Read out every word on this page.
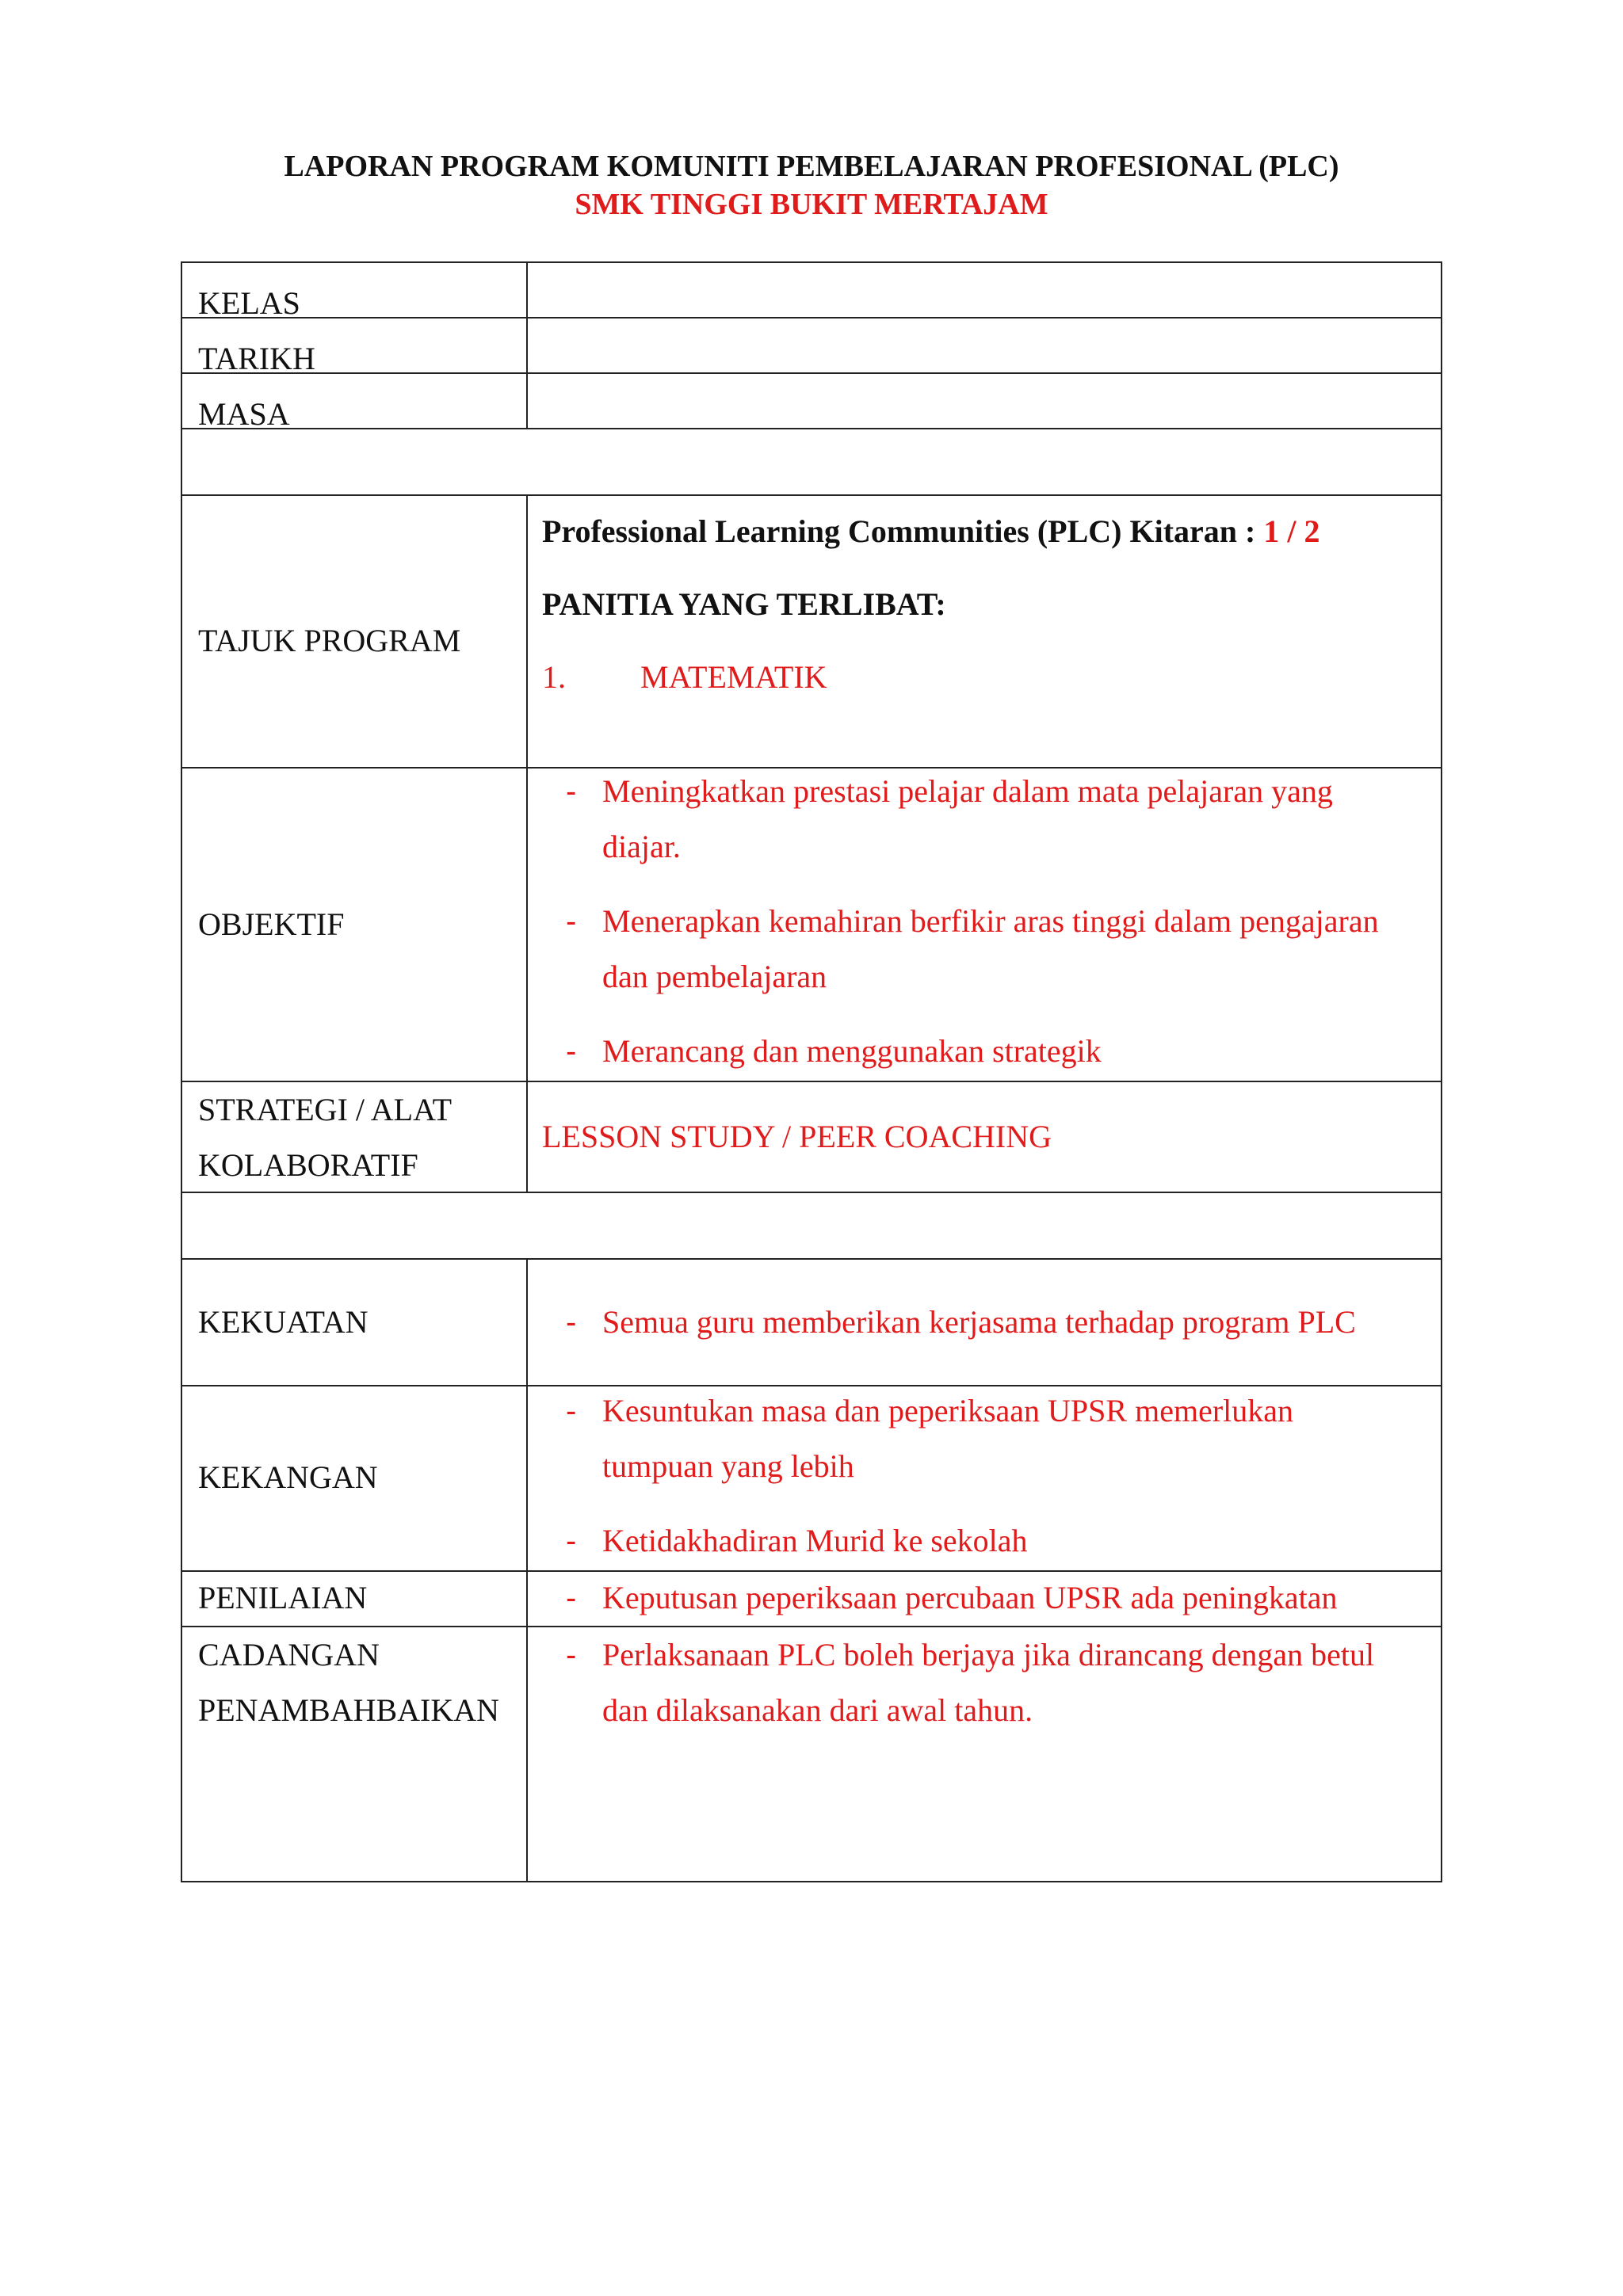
LAPORAN PROGRAM KOMUNITI PEMBELAJARAN PROFESIONAL (PLC)
SMK TINGGI BUKIT MERTAJAM
KELAS
TARIKH
MASA
TAJUK PROGRAM
Professional Learning Communities (PLC) Kitaran : 1 / 2
PANITIA YANG TERLIBAT:
1. MATEMATIK
OBJEKTIF
- Meningkatkan prestasi pelajar dalam mata pelajaran yang
diajar.
- Menerapkan kemahiran berfikir aras tinggi dalam pengajaran
dan pembelajaran
- Merancang dan menggunakan strategik
STRATEGI / ALAT
KOLABORATIF
LESSON STUDY / PEER COACHING
KEKUATAN	- Semua guru memberikan kerjasama terhadap program PLC
KEKANGAN
- Kesuntukan masa dan peperiksaan UPSR memerlukan
tumpuan yang lebih
- Ketidakhadiran Murid ke sekolah
PENILAIAN	- Keputusan peperiksaan percubaan UPSR ada peningkatan
CADANGAN
PENAMBAHBAIKAN
- Perlaksanaan PLC boleh berjaya jika dirancang dengan betul
dan dilaksanakan dari awal tahun.
